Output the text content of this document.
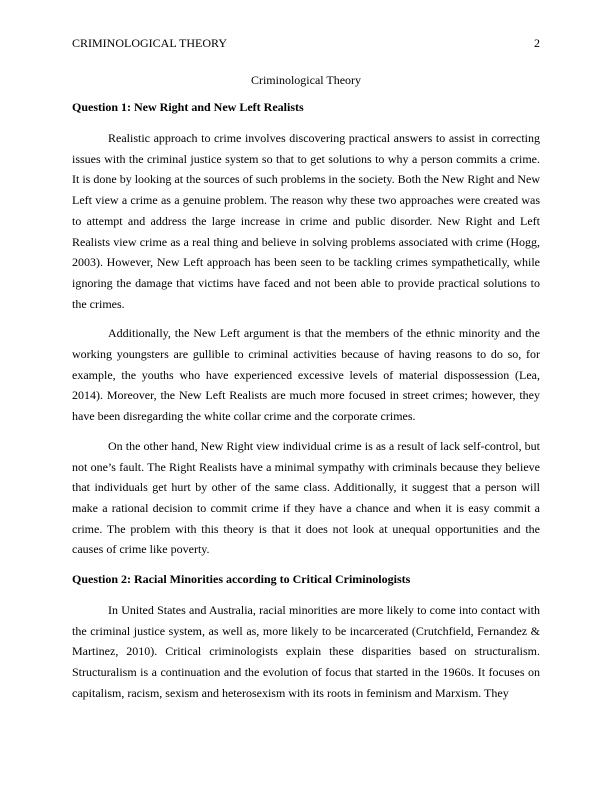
CRIMINOLOGICAL THEORY	2

Criminological Theory

Question 1: New Right and New Left Realists

Realistic approach to crime involves discovering practical answers to assist in correcting issues with the criminal justice system so that to get solutions to why a person commits a crime. It is done by looking at the sources of such problems in the society. Both the New Right and New Left view a crime as a genuine problem. The reason why these two approaches were created was to attempt and address the large increase in crime and public disorder. New Right and Left Realists view crime as a real thing and believe in solving problems associated with crime (Hogg, 2003). However, New Left approach has been seen to be tackling crimes sympathetically, while ignoring the damage that victims have faced and not been able to provide practical solutions to the crimes.

Additionally, the New Left argument is that the members of the ethnic minority and the working youngsters are gullible to criminal activities because of having reasons to do so, for example, the youths who have experienced excessive levels of material dispossession (Lea, 2014). Moreover, the New Left Realists are much more focused in street crimes; however, they have been disregarding the white collar crime and the corporate crimes.

On the other hand, New Right view individual crime is as a result of lack self-control, but not one’s fault. The Right Realists have a minimal sympathy with criminals because they believe that individuals get hurt by other of the same class. Additionally, it suggest that a person will make a rational decision to commit crime if they have a chance and when it is easy commit a crime. The problem with this theory is that it does not look at unequal opportunities and the causes of crime like poverty.

Question 2: Racial Minorities according to Critical Criminologists

In United States and Australia, racial minorities are more likely to come into contact with the criminal justice system, as well as, more likely to be incarcerated (Crutchfield, Fernandez & Martinez, 2010). Critical criminologists explain these disparities based on structuralism. Structuralism is a continuation and the evolution of focus that started in the 1960s. It focuses on capitalism, racism, sexism and heterosexism with its roots in feminism and Marxism. They
